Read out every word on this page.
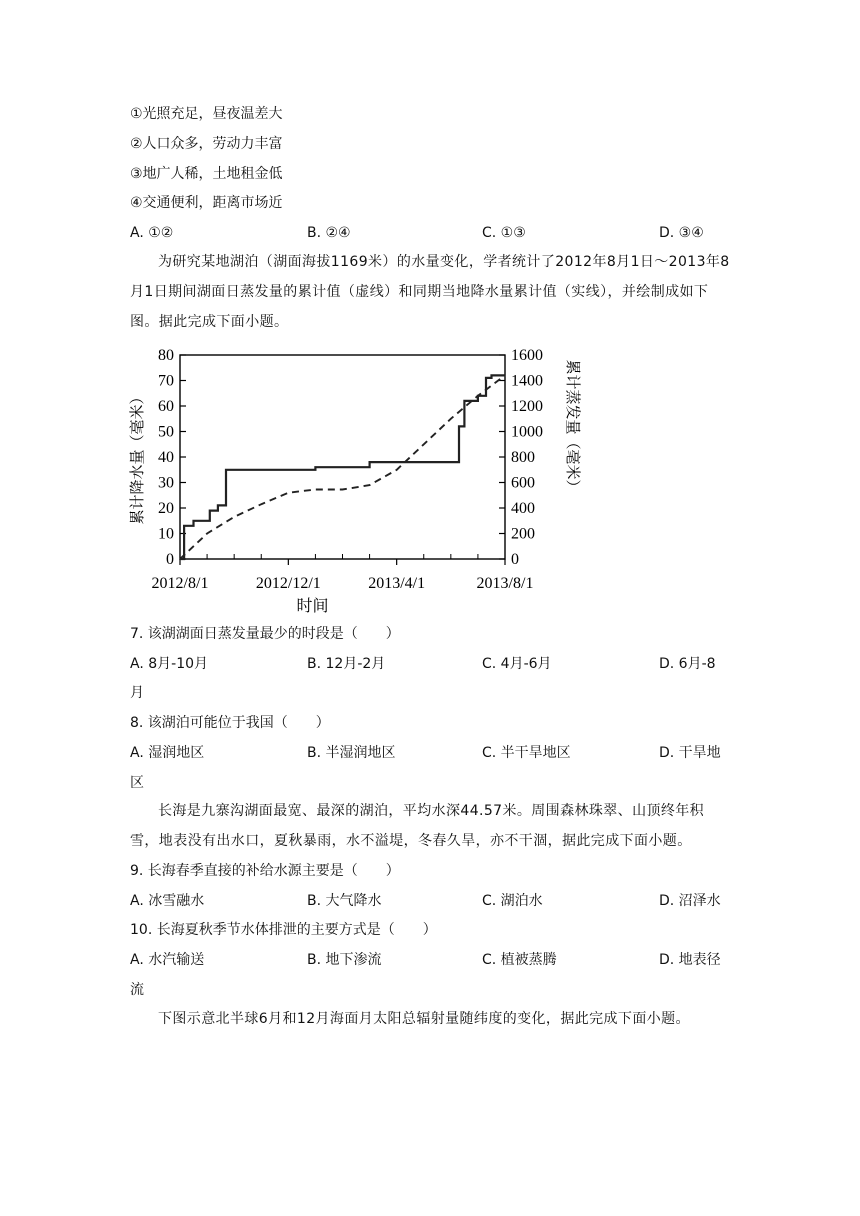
①光照充足，昼夜温差大
②人口众多，劳动力丰富
③地广人稀，土地租金低
④交通便利，距离市场近
A. ①②	B. ②④	C. ①③	D. ③④
为研究某地湖泊（湖面海拔1169米）的水量变化，学者统计了2012年8月1日～2013年8月1日期间湖面日蒸发量的累计值（虚线）和同期当地降水量累计值（实线），并绘制成如下图。据此完成下面小题。
0
10
20
30
40
50
60
70
80
0
200
400
600
800
1000
1200
1400
1600
2012/8/1	2012/12/1	2013/4/1	2013/8/1
累计降水量（毫米）	累计蒸发量（毫米）
时间
7. 该湖湖面日蒸发量最少的时段是（　　）
A. 8月-10月	B. 12月-2月	C. 4月-6月	D. 6月-8
月
8. 该湖泊可能位于我国（　　）
A. 湿润地区	B. 半湿润地区	C. 半干旱地区	D. 干旱地
区
长海是九寨沟湖面最宽、最深的湖泊，平均水深44.57米。周围森林珠翠、山顶终年积雪，地表没有出水口，夏秋暴雨，水不溢堤，冬春久旱，亦不干涸，据此完成下面小题。
9. 长海春季直接的补给水源主要是（　　）
A. 冰雪融水	B. 大气降水	C. 湖泊水	D. 沼泽水
10. 长海夏秋季节水体排泄的主要方式是（　　）
A. 水汽输送	B. 地下渗流	C. 植被蒸腾	D. 地表径
流
下图示意北半球6月和12月海面月太阳总辐射量随纬度的变化，据此完成下面小题。
